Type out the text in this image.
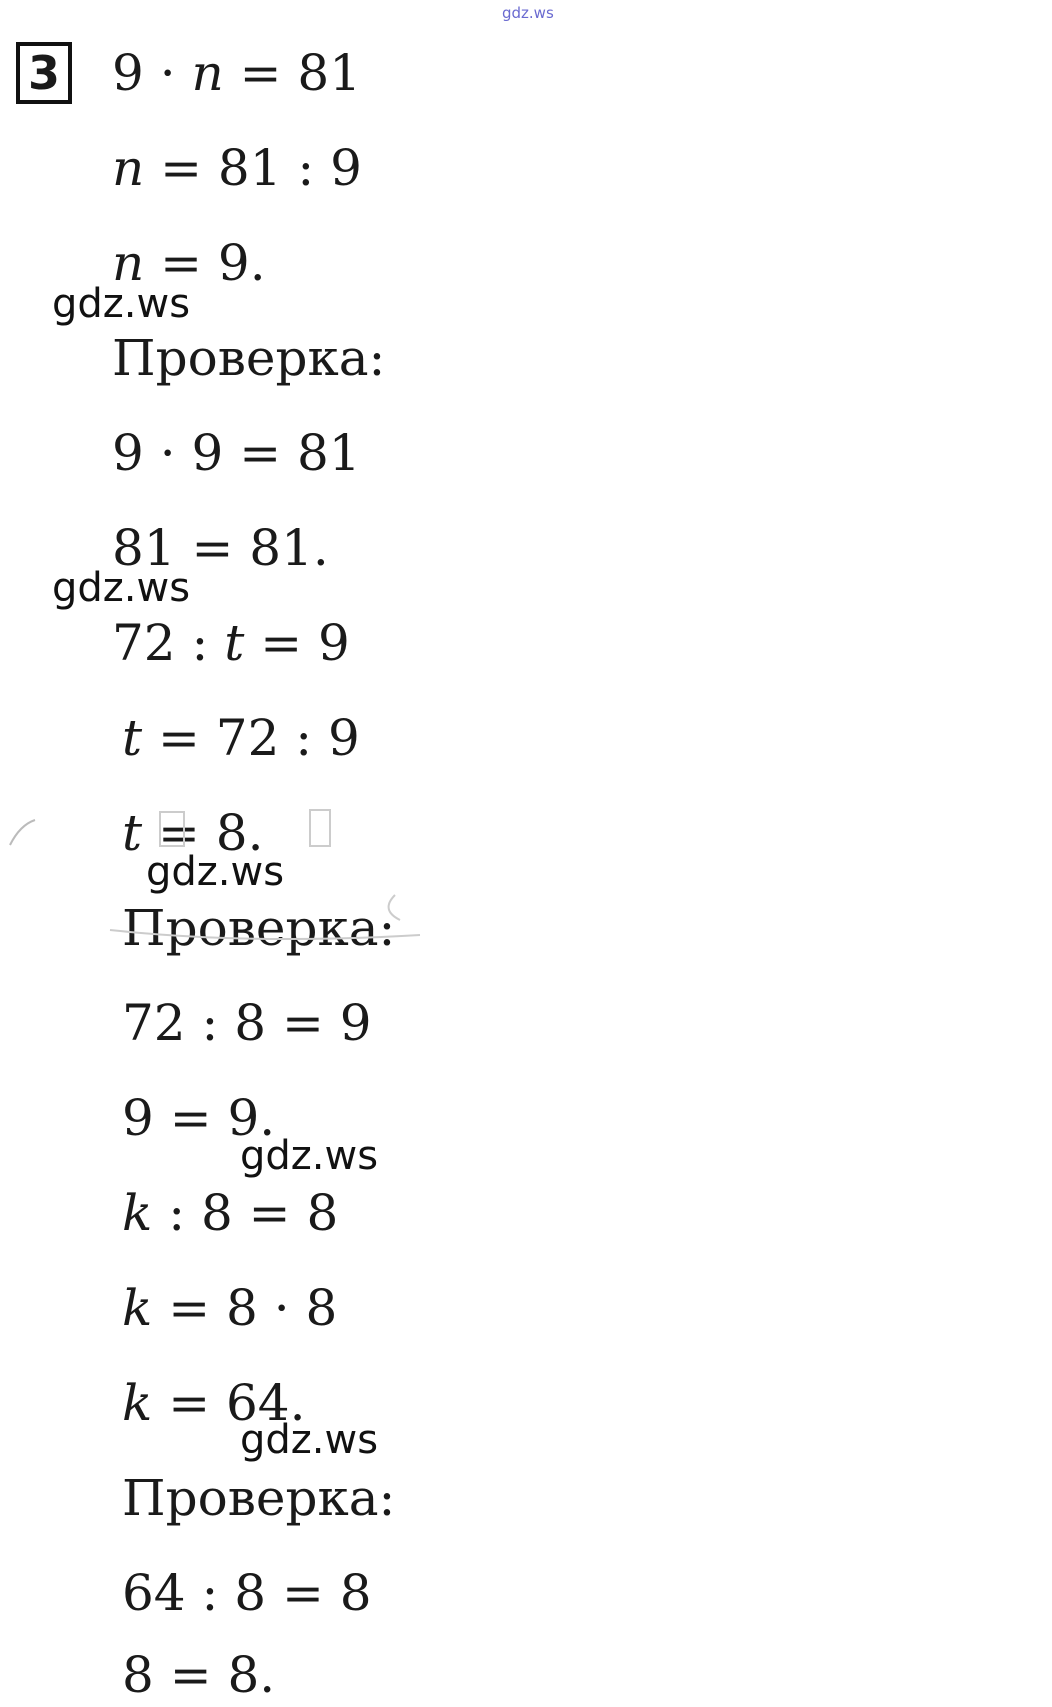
gdz.ws
3 9 · n = 81
n = 81 : 9
n = 9.
Проверка:
9 · 9 = 81
81 = 81.
72 : t = 9
t = 72 : 9
t = 8.
Проверка:
72 : 8 = 9
9 = 9.
k : 8 = 8
k = 8 · 8
k = 64.
Проверка:
64 : 8 = 8
8 = 8.
gdz.ws
gdz.ws
gdz.ws
gdz.ws
gdz.ws
